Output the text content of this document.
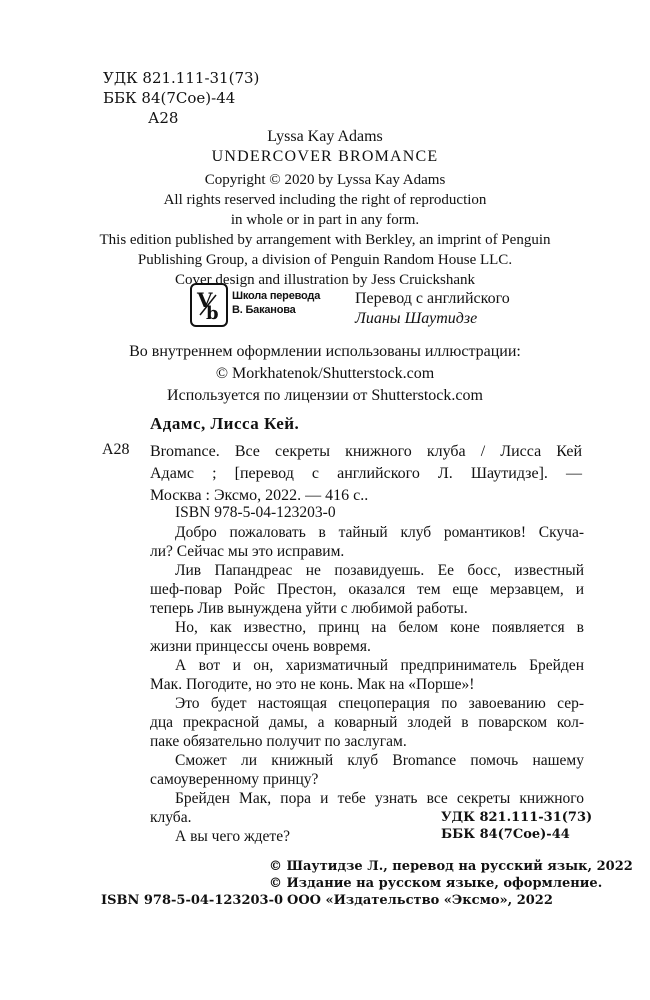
УДК 821.111-31(73)
ББК 84(7Сое)-44
А28
Lyssa Kay Adams
UNDERCOVER BROMANCE
Copyright © 2020 by Lyssa Kay Adams
All rights reserved including the right of reproduction
in whole or in part in any form.
This edition published by arrangement with Berkley, an imprint of Penguin
Publishing Group, a division of Penguin Random House LLC.
Cover design and illustration by Jess Cruickshank
V
b
Школа перевода
В. Баканова
Перевод с английского
Лианы Шаутидзе
Во внутреннем оформлении использованы иллюстрации:
© Morkhatenok/Shutterstock.com
Используется по лицензии от Shutterstock.com
Адамс, Лисса Кей.
А28 Bromance. Все секреты книжного клуба / Лисса Кей

Адамс ; [перевод с английского Л. Шаутидзе]. —

Москва : Эксмо, 2022. — 416 с..

ISBN 978-5-04-123203-0

Добро пожаловать в тайный клуб романтиков! Скуча-
ли? Сейчас мы это исправим.

Лив Папандреас не позавидуешь. Ее босс, известный
шеф-повар Ройс Престон, оказался тем еще мерзавцем, и
теперь Лив вынуждена уйти с любимой работы.

Но, как известно, принц на белом коне появляется в
жизни принцессы очень вовремя.

А вот и он, харизматичный предприниматель Брейден
Мак. Погодите, но это не конь. Мак на «Порше»!

Это будет настоящая спецоперация по завоеванию сер-
дца прекрасной дамы, а коварный злодей в поварском кол-
паке обязательно получит по заслугам.

Сможет ли книжный клуб Bromance помочь нашему
самоуверенному принцу?

Брейден Мак, пора и тебе узнать все секреты книжного
клуба.

А вы чего ждете?

УДК 821.111-31(73)
ББК 84(7Сое)-44
© Шаутидзе Л., перевод на русский язык, 2022
© Издание на русском языке, оформление.
ООО «Издательство «Эксмо», 2022
ISBN 978-5-04-123203-0
